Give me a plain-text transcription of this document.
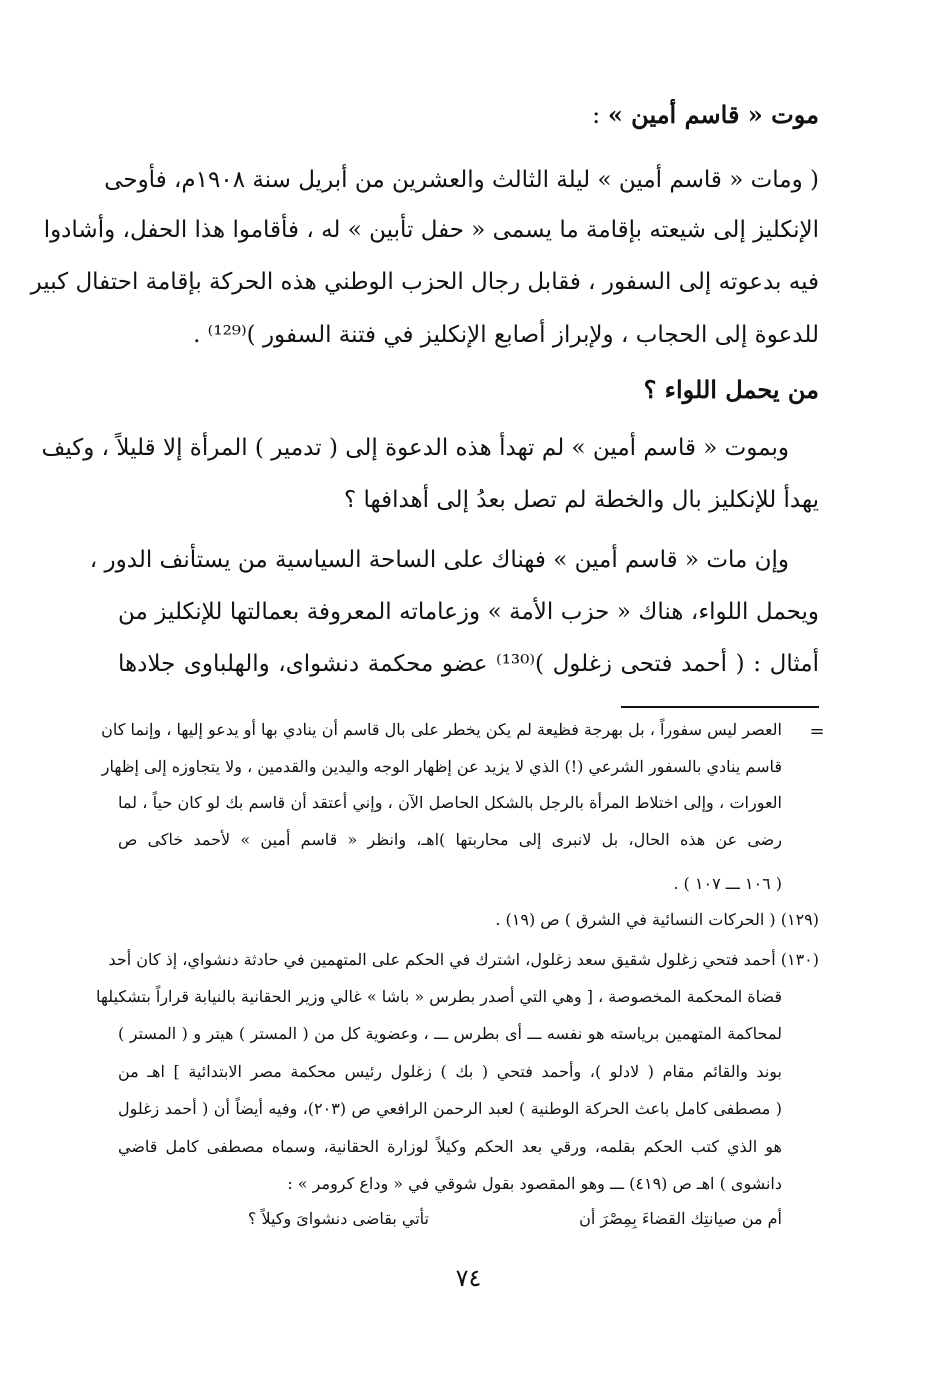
موت « قاسم أمين » :
( ومات « قاسم أمين » ليلة الثالث والعشرين من أبريل سنة ١٩٠٨م، فأوحى
الإنكليز إلى شيعته بإقامة ما يسمى « حفل تأبين » له ، فأقاموا هذا الحفل، وأشادوا
فيه بدعوته إلى السفور ، فقابل رجال الحزب الوطني هذه الحركة بإقامة احتفال كبير
للدعوة إلى الحجاب ، ولإبراز أصابع الإنكليز في فتنة السفور )⁽¹²⁹⁾ .
من يحمل اللواء ؟
وبموت « قاسم أمين » لم تهدأ هذه الدعوة إلى ( تدمير ) المرأة إلا قليلاً ، وكيف
يهدأ للإنكليز بال والخطة لم تصل بعدُ إلى أهدافها ؟
وإن مات « قاسم أمين » فهناك على الساحة السياسية من يستأنف الدور ،
ويحمل اللواء، هناك « حزب الأمة » وزعاماته المعروفة بعمالتها للإنكليز من
أمثال : ( أحمد فتحى زغلول )⁽¹³⁰⁾ عضو محكمة دنشواى، والهلباوى جلادها
=
العصر ليس سفوراً ، بل بهرجة فظيعة لم يكن يخطر على بال قاسم أن ينادي بها أو يدعو إليها ، وإنما كان
قاسم ينادي بالسفور الشرعي (!) الذي لا يزيد عن إظهار الوجه واليدين والقدمين ، ولا يتجاوزه إلى إظهار
العورات ، وإلى اختلاط المرأة بالرجل بالشكل الحاصل الآن ، وإني أعتقد أن قاسم بك لو كان حياً ، لما
رضى عن هذه الحال، بل لانبرى إلى محاربتها )اهـ، وانظر « قاسم أمين » لأحمد خاكى ص
( ١٠٦ ـــ ١٠٧ ) .
(١٢٩) ( الحركات النسائية في الشرق ) ص (١٩) .
(١٣٠) أحمد فتحي زغلول شقيق سعد زغلول، اشترك في الحكم على المتهمين في حادثة دنشواي، إذ كان أحد
قضاة المحكمة المخصوصة ، [ وهي التي أصدر بطرس « باشا » غالي وزير الحقانية بالنيابة قراراً بتشكيلها
لمحاكمة المتهمين برياسته هو نفسه ـــ أى بطرس ـــ ، وعضوية كل من ( المستر ) هيتر و ( المستر )
بوند والقائم مقام ( لادلو )، وأحمد فتحي ( بك ) زغلول رئيس محكمة مصر الابتدائية ] اهـ من
( مصطفى كامل باعث الحركة الوطنية ) لعبد الرحمن الرافعي ص (٢٠٣)، وفيه أيضاً أن ( أحمد زغلول
هو الذي كتب الحكم بقلمه، ورقي بعد الحكم وكيلاً لوزارة الحقانية، وسماه مصطفى كامل قاضي
دانشوى ) اهـ ص (٤١٩) ـــ وهو المقصود بقول شوقي في « وداع كرومر » :
أم من صيانتِك القضاءَ بِمِصْرَ أن
تأتي بقاضى دنشواىَ وكيلاً ؟
٧٤
